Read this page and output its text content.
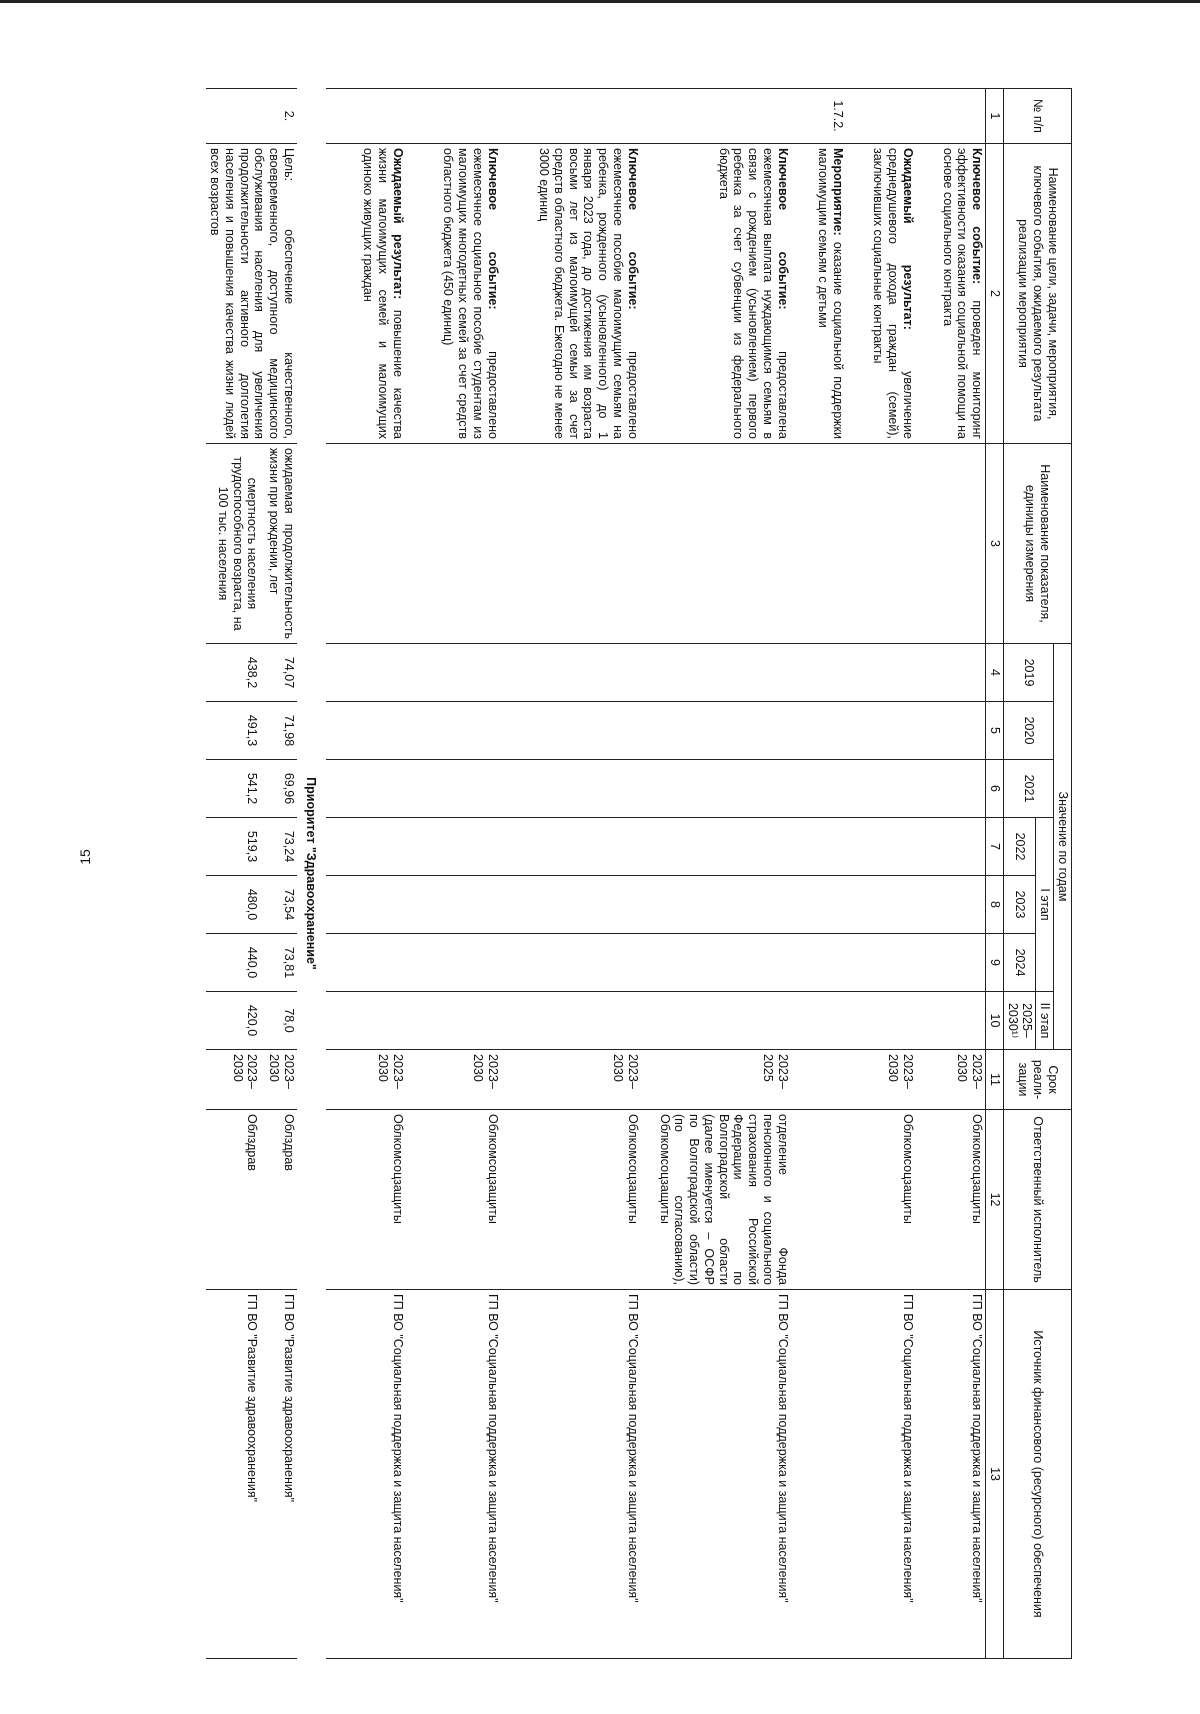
15
№ п/п	Наименование цели, задачи, мероприятия, ключевого события, ожидаемого результата реализации мероприятия	Наименование показателя, единицы измерения	Значение по годам							Срок реали-зации	Ответственный исполнитель	Источник финансового (ресурсного) обеспечения
			2019	2020	2021	I этап			II этап			
						2022	2023	2024	2025–2030¹⁾			
1	2	3	4	5	6	7	8	9	10	11	12	13
	Ключевое событие: проведен мониторинг эффективности оказания социальной помощи на основе социального контракта									2023–2030	Облкомсоцзащиты	ГП ВО "Социальная поддержка и защита населения"
	Ожидаемый результат: увеличение среднедушевого дохода граждан (семей), заключивших социальные контракты									2023–2030	Облкомсоцзащиты	ГП ВО "Социальная поддержка и защита населения"
1.7.2.	Мероприятие: оказание социальной поддержки малоимущим семьям с детьми											
	Ключевое событие: предоставлена ежемесячная выплата нуждающимся семьям в связи с рождением (усыновлением) первого ребенка за счет субвенции из федерального бюджета									2023–2025	отделение Фонда пенсионного и социального страхования Российской Федерации по Волгоградской области (далее именуется – ОСФР по Волгоградской области) (по согласованию), Облкомсоцзащиты	ГП ВО "Социальная поддержка и защита населения"
	Ключевое событие: предоставлено ежемесячное пособие малоимущим семьям на ребенка, рожденного (усыновленного) до 1 января 2023 года, до достижения им возраста восьми лет из малоимущей семьи за счет средств областного бюджета. Ежегодно не менее 3000 единиц									2023–2030	Облкомсоцзащиты	ГП ВО "Социальная поддержка и защита населения"
	Ключевое событие: предоставлено ежемесячное социальное пособие студентам из малоимущих многодетных семей за счет средств областного бюджета (450 единиц)									2023–2030	Облкомсоцзащиты	ГП ВО "Социальная поддержка и защита населения"
	Ожидаемый результат: повышение качества жизни малоимущих семей и малоимущих одиноко живущих граждан									2023–2030	Облкомсоцзащиты	ГП ВО "Социальная поддержка и защита населения"
Приоритет "Здравоохранение"												
2.	Цель: обеспечение качественного, своевременного, доступного медицинского обслуживания населения для увеличения продолжительности активного долголетия населения и повышения качества жизни людей всех возрастов	ожидаемая продолжительность жизни при рождении, лет	74,07	71,98	69,96	73,24	73,54	73,81	78,0	2023–2030	Облздрав	ГП ВО "Развитие здравоохранения"
		смертность населения трудоспособного возраста, на 100 тыс. населения	438,2	491,3	541,2	519,3	480,0	440,0	420,0	2023–2030	Облздрав	ГП ВО "Развитие здравоохранения"
